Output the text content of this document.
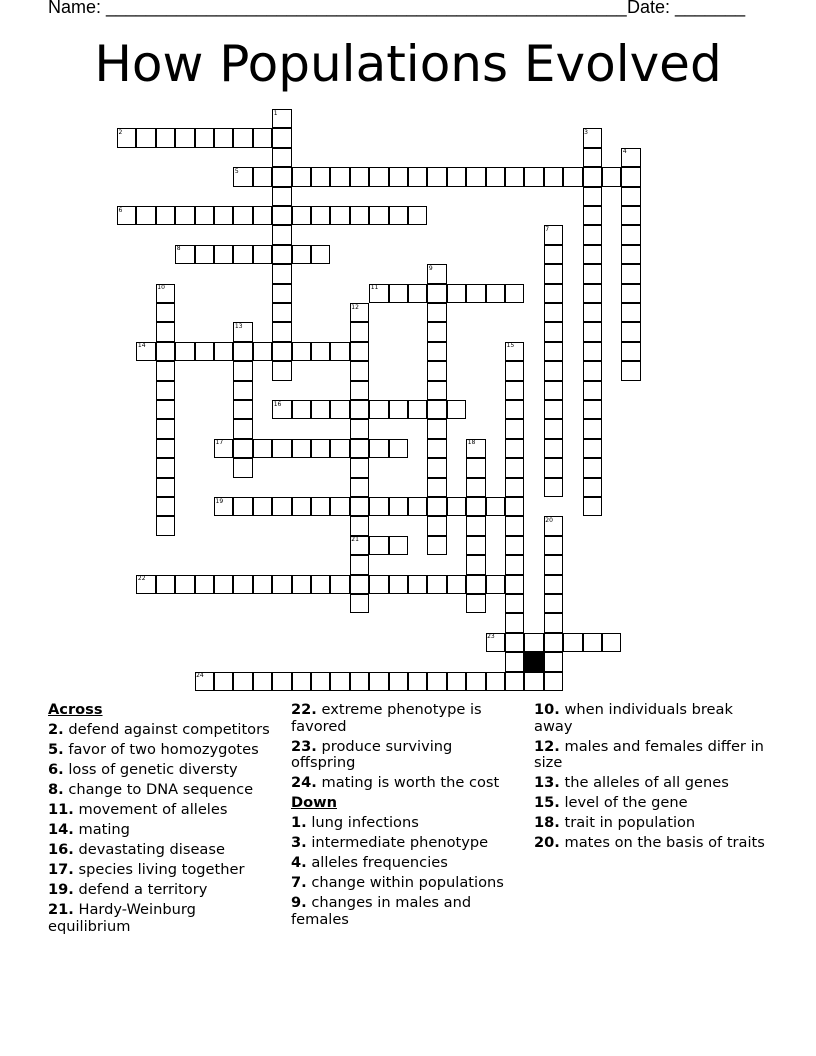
Name: ____________________________________________________ Date: _______
How Populations Evolved
1
2	3
4
5
6
7
8
9
10	11
12
13
14	15
16
17	18
19
20
21
22
23
24
Across
2. defend against competitors
5. favor of two homozygotes
6. loss of genetic diversty
8. change to DNA sequence
11. movement of alleles
14. mating
16. devastating disease
17. species living together
19. defend a territory
21. Hardy-Weinburg equilibrium
22. extreme phenotype is favored
23. produce surviving offspring
24. mating is worth the cost
Down
1. lung infections
3. intermediate phenotype
4. alleles frequencies
7. change within populations
9. changes in males and females
10. when individuals break away
12. males and females differ in size
13. the alleles of all genes
15. level of the gene
18. trait in population
20. mates on the basis of traits
